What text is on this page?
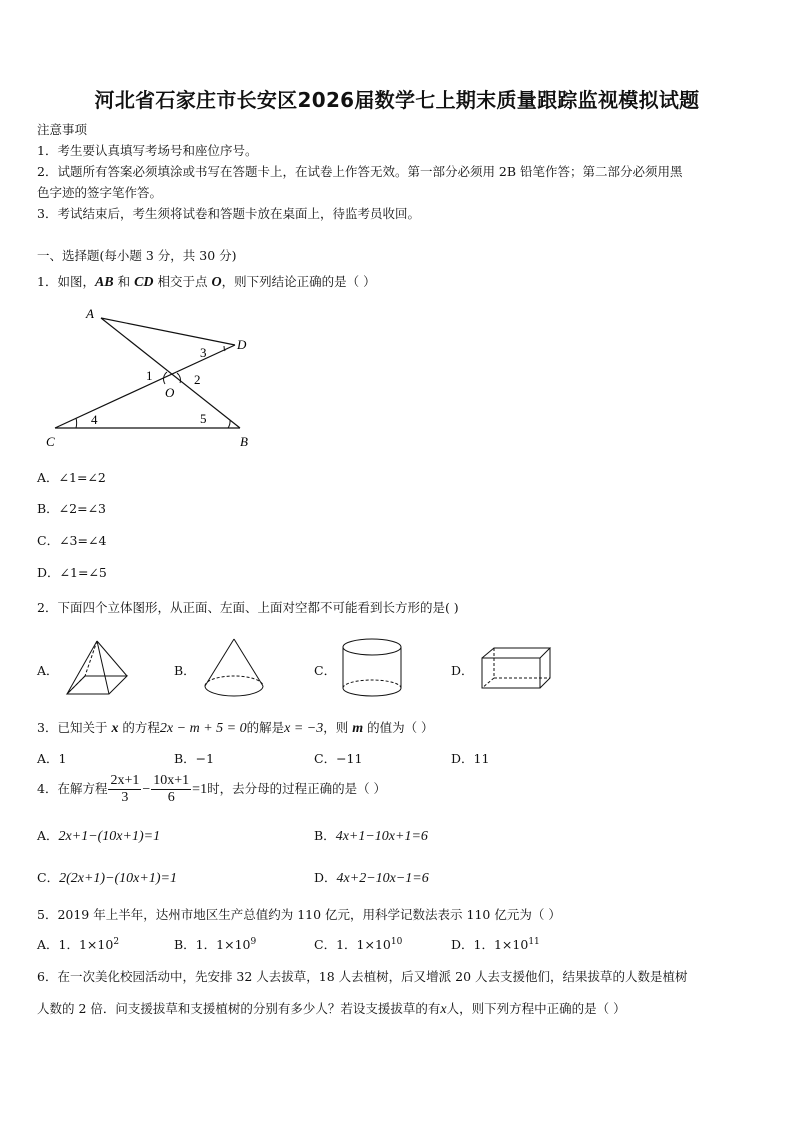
河北省石家庄市长安区2026届数学七上期末质量跟踪监视模拟试题
注意事项
1．考生要认真填写考场号和座位序号。
2．试题所有答案必须填涂或书写在答题卡上，在试卷上作答无效。第一部分必须用 2B 铅笔作答；第二部分必须用黑
色字迹的签字笔作答。
3．考试结束后，考生须将试卷和答题卡放在桌面上，待监考员收回。
一、选择题(每小题 3 分，共 30 分)
1．如图，AB 和 CD 相交于点 O，则下列结论正确的是（ ）
A
D
O
C	B
1	2
3
4	5
A．∠1=∠2
B．∠2=∠3
C．∠3=∠4
D．∠1=∠5
2．下面四个立体图形，从正面、左面、上面对空都不可能看到长方形的是( )
A．	B．	C．	D．
3．已知关于 x 的方程2x − m + 5 = 0的解是x = −3，则 m 的值为（ ）
A．1	B．−1	C．−11	D．11
4．在解方程 $\frac{2x+1}{3} - \frac{10x+1}{6} =1$时，去分母的过程正确的是（ ）
A．2x+1−(10x+1)=1	B．4x+1−10x+1=6
C．2(2x+1)−(10x+1)=1	D．4x+2−10x−1=6
5．2019 年上半年，达州市地区生产总值约为 110 亿元，用科学记数法表示 110 亿元为（ ）
A．1．$1\times 10^2$	B．1．$1\times 10^9$	C．1．$1\times 10^{10}$	D．1．$1\times 10^{11}$
6．在一次美化校园活动中，先安排 32 人去拔草，18 人去植树，后又增派 20 人去支援他们，结果拔草的人数是植树
人数的 2 倍．问支援拔草和支援植树的分别有多少人？若设支援拔草的有x人，则下列方程中正确的是（ ）
